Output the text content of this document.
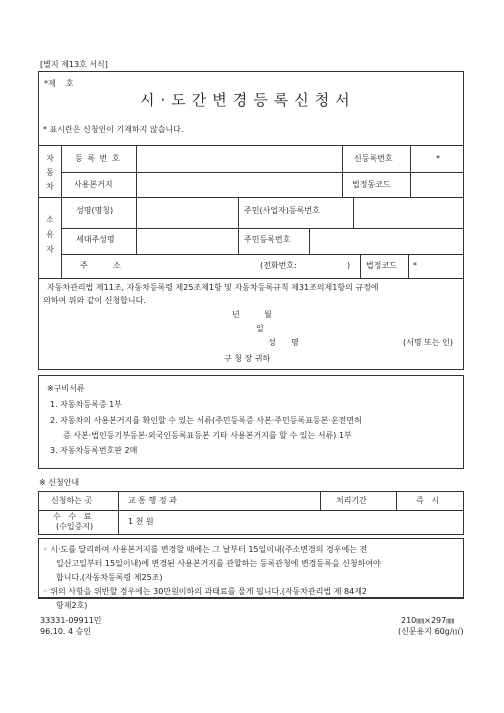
[별지 제13호 서식]
*제    호
시·도간변경등록신청서
* 표시란은 신청인이 기재하지 않습니다.
자동차
등 록 번 호	신등록번호	*
사용본거지	법정동코드
소유자
성명(명칭)	주민(사업자)등록번호
세대주성명	주민등록번호
주          소	(전화번호:	) 법정코드 *
자동차관리법 제11조, 자동차등록령 제25조제1항 및 자동차등록규칙 제31조의제1항의 규정에
의하여 위와 같이 신청합니다.
년	월
일
성      명	(서명 또는 인)
구 청 장 귀하
※구비서류
1. 자동차등록증 1부
2. 자동차의 사용본거지를 확인할 수 있는 서류(주민등록증 사본·주민등록표등본·운전면허
증 사본·법인등기부등본·외국인등록표등본 기타 사용본거지를 할 수 있는 서류) 1부
3. 자동차등록번호판 2매
※ 신청안내
신청하는 곳	교 통 행 정 과	처리기간	즉   시
수   수   료
(수입증지)
1 천 원
◦ 시·도를 달리하여 사용본거지를 변경할 때에는 그 날부터 15일이내(주소변경의 경우에는 전
입신고일부터 15일이내)에 변경된 사용본거지를 관할하는 등록관청에 변경등록을 신청하여야
합니다.(자동차등록령 제25조)
◦ 위의 사항을 위반할 경우에는 30만원이하의 과태료를 물게 됩니다.(자동차관리법 제 84제2
항제2호)
33331-09911민
96.10. 4 승인
210㎜×297㎜
(신문용지 60g/㎡)
